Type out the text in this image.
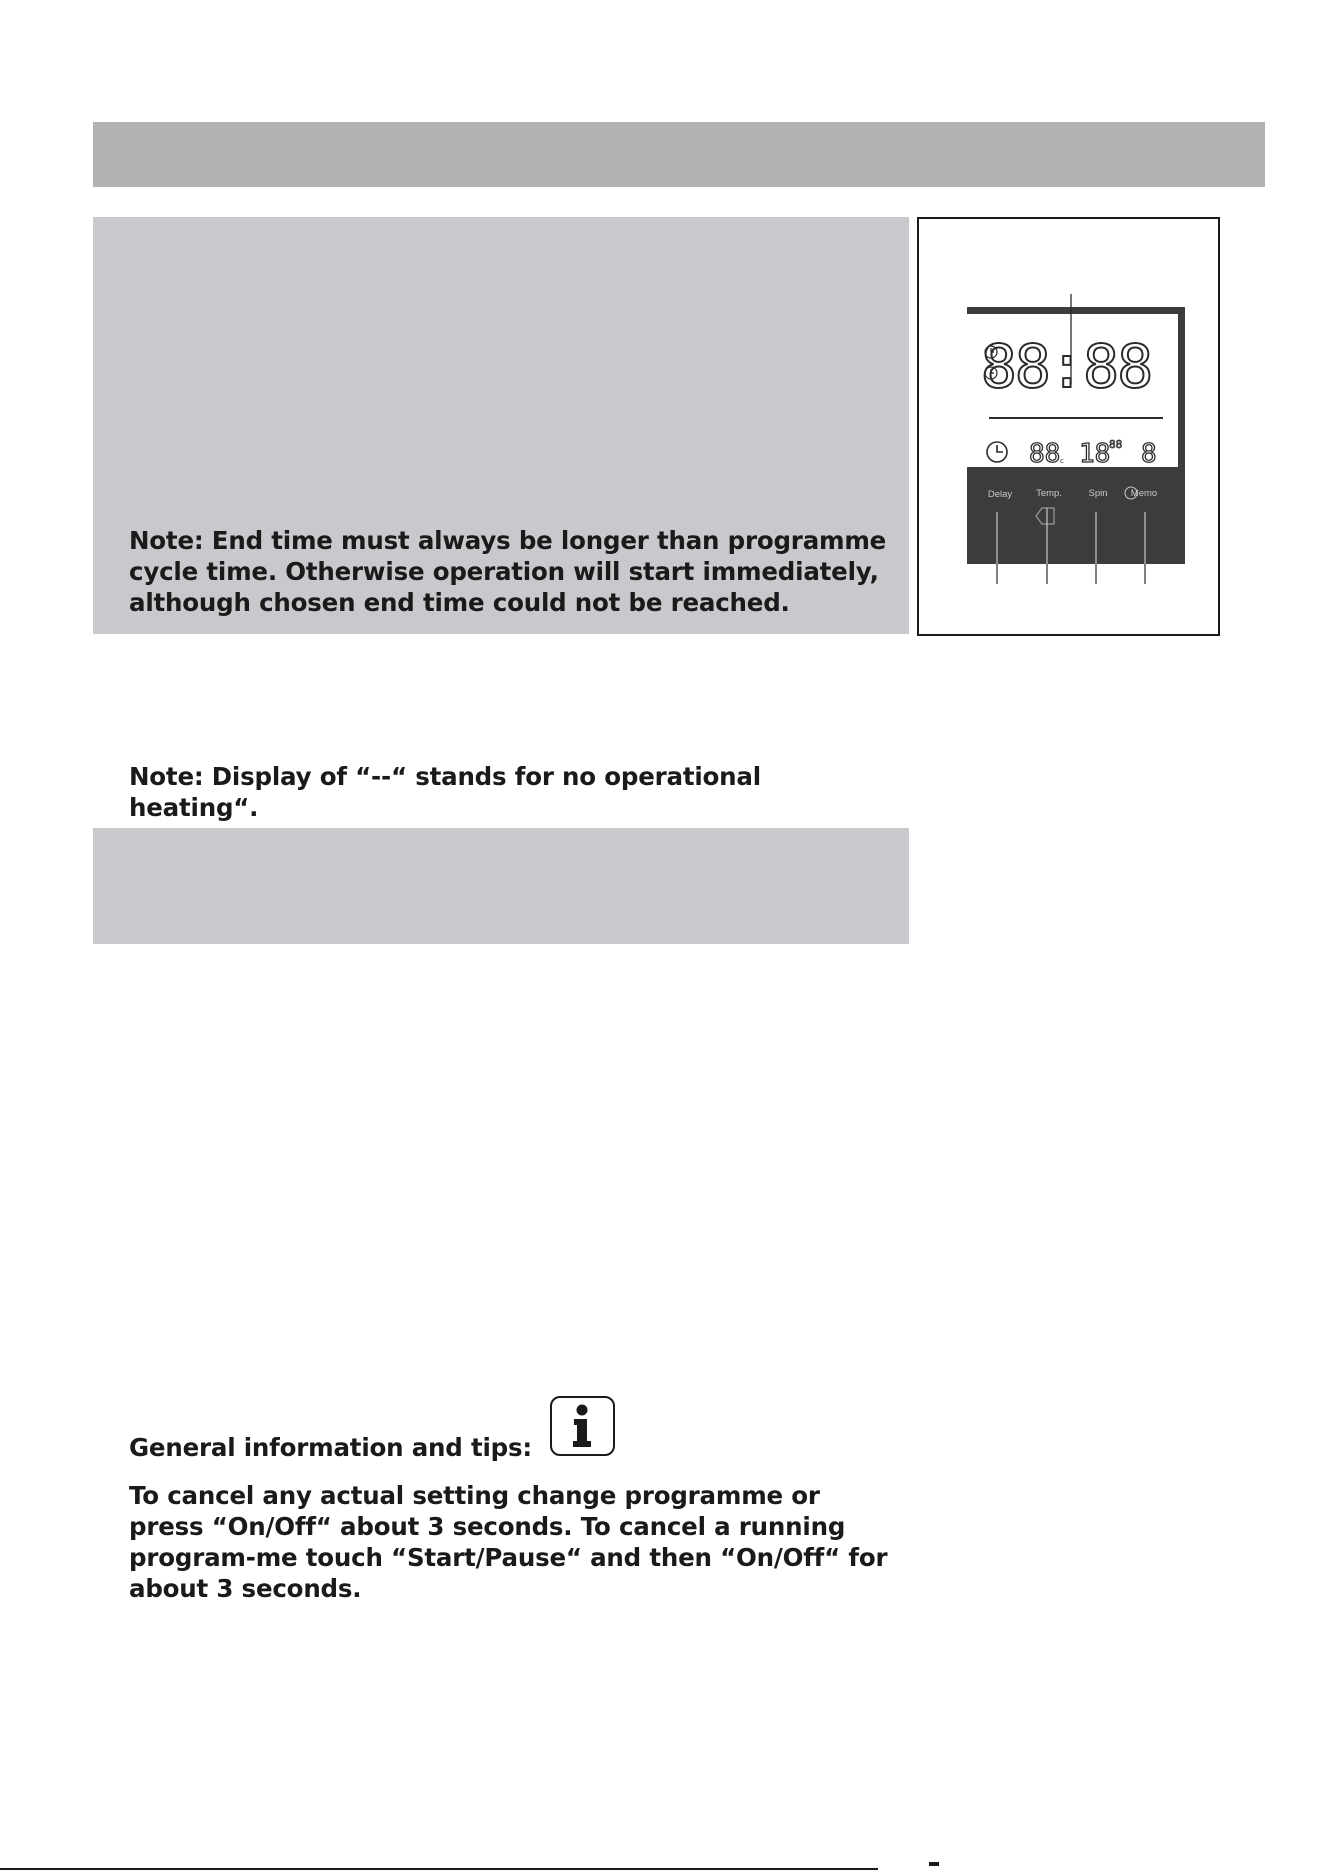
Note: End time must always be longer than programme cycle time. Otherwise operation will start immediately, although chosen end time could not be reached.
Note: Display of “--“ stands for no operational heating“.
88:88
88 c 18
88 8
Delay	Temp.	Spin Memo
General information and tips:
To cancel any actual setting change programme or press “On/Off“ about 3 seconds. To cancel a running program-me touch “Start/Pause“ and then “On/Off“ for about 3 seconds.
